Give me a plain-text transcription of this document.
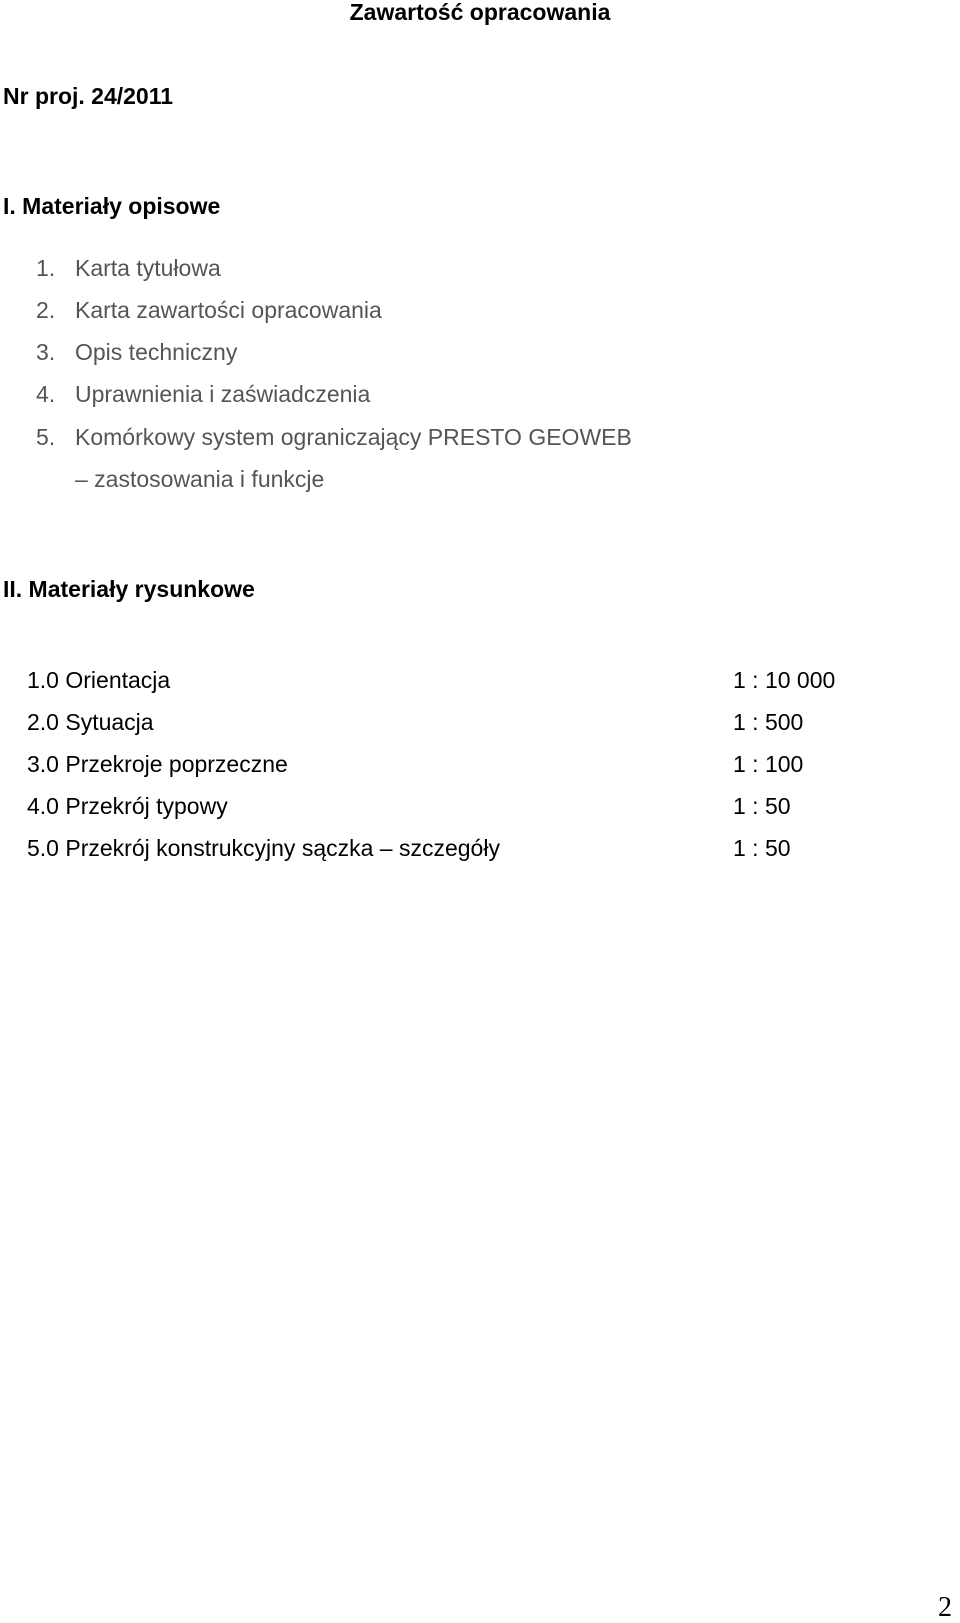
Zawartość opracowania
Nr proj. 24/2011
I. Materiały opisowe
1. Karta tytułowa
2. Karta zawartości opracowania
3. Opis techniczny
4. Uprawnienia i zaświadczenia
5. Komórkowy system ograniczający PRESTO GEOWEB
– zastosowania i funkcje
II. Materiały rysunkowe
1.0 Orientacja	1 : 10 000
2.0 Sytuacja	1 : 500
3.0 Przekroje poprzeczne	1 : 100
4.0 Przekrój typowy	1 : 50
5.0 Przekrój konstrukcyjny sączka – szczegóły	1 : 50
2
